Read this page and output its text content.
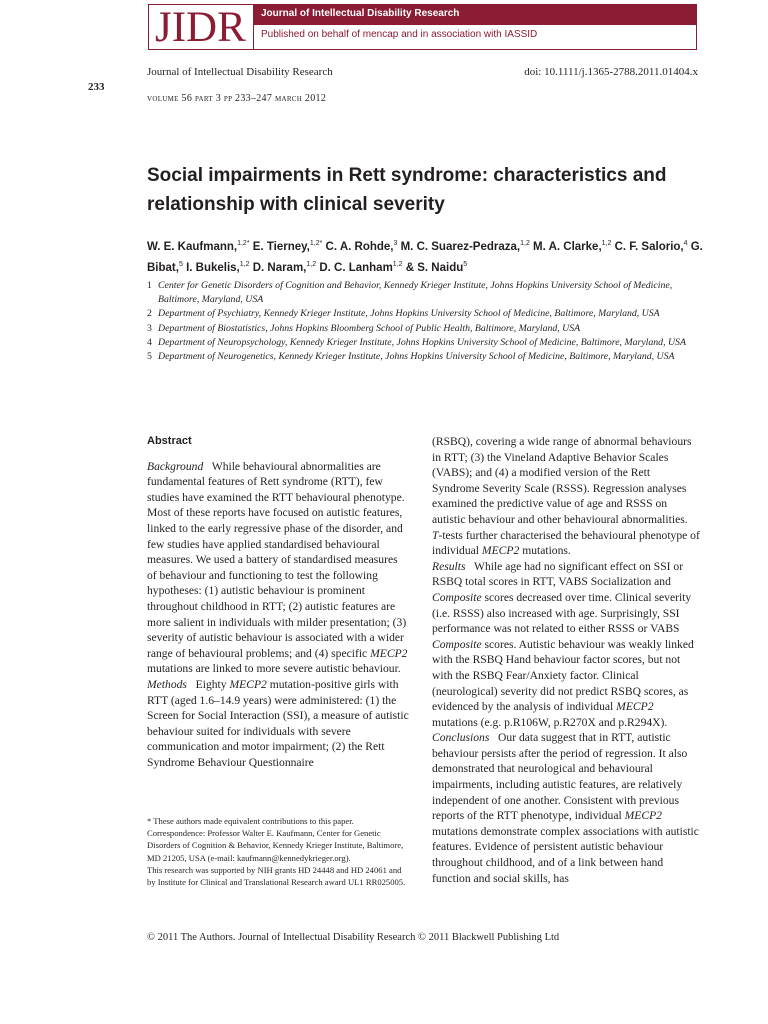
JIDR Journal of Intellectual Disability Research
Published on behalf of mencap and in association with IASSID
Journal of Intellectual Disability Research	doi: 10.1111/j.1365-2788.2011.01404.x
233
volume 56 part 3 pp 233–247 march 2012
Social impairments in Rett syndrome: characteristics and relationship with clinical severity
W. E. Kaufmann,$^{1,2*}$ E. Tierney,$^{1,2*}$ C. A. Rohde,$^3$ M. C. Suarez-Pedraza,$^{1,2}$ M. A. Clarke,$^{1,2}$ C. F. Salorio,$^4$ G. Bibat,$^5$ I. Bukelis,$^{1,2}$ D. Naram,$^{1,2}$ D. C. Lanham$^{1,2}$ & S. Naidu$^5$
1 Center for Genetic Disorders of Cognition and Behavior, Kennedy Krieger Institute, Johns Hopkins University School of Medicine, Baltimore, Maryland, USA
2 Department of Psychiatry, Kennedy Krieger Institute, Johns Hopkins University School of Medicine, Baltimore, Maryland, USA
3 Department of Biostatistics, Johns Hopkins Bloomberg School of Public Health, Baltimore, Maryland, USA
4 Department of Neuropsychology, Kennedy Krieger Institute, Johns Hopkins University School of Medicine, Baltimore, Maryland, USA
5 Department of Neurogenetics, Kennedy Krieger Institute, Johns Hopkins University School of Medicine, Baltimore, Maryland, USA
Abstract

Background While behavioural abnormalities are fundamental features of Rett syndrome (RTT), few studies have examined the RTT behavioural phenotype. Most of these reports have focused on autistic features, linked to the early regressive phase of the disorder, and few studies have applied standardised behavioural measures. We used a battery of standardised measures of behaviour and functioning to test the following hypotheses: (1) autistic behaviour is prominent throughout childhood in RTT; (2) autistic features are more salient in individuals with milder presentation; (3) severity of autistic behaviour is associated with a wider range of behavioural problems; and (4) specific MECP2 mutations are linked to more severe autistic behaviour.

Methods Eighty MECP2 mutation-positive girls with RTT (aged 1.6–14.9 years) were administered: (1) the Screen for Social Interaction (SSI), a measure of autistic behaviour suited for individuals with severe communication and motor impairment; (2) the Rett Syndrome Behaviour Questionnaire

(RSBQ), covering a wide range of abnormal behaviours in RTT; (3) the Vineland Adaptive Behavior Scales (VABS); and (4) a modified version of the Rett Syndrome Severity Scale (RSSS). Regression analyses examined the predictive value of age and RSSS on autistic behaviour and other behavioural abnormalities. T-tests further characterised the behavioural phenotype of individual MECP2 mutations.

Results While age had no significant effect on SSI or RSBQ total scores in RTT, VABS Socialization and Composite scores decreased over time. Clinical severity (i.e. RSSS) also increased with age. Surprisingly, SSI performance was not related to either RSSS or VABS Composite scores. Autistic behaviour was weakly linked with the RSBQ Hand behaviour factor scores, but not with the RSBQ Fear/Anxiety factor. Clinical (neurological) severity did not predict RSBQ scores, as evidenced by the analysis of individual MECP2 mutations (e.g. p.R106W, p.R270X and p.R294X).

Conclusions Our data suggest that in RTT, autistic behaviour persists after the period of regression. It also demonstrated that neurological and behavioural impairments, including autistic features, are relatively independent of one another. Consistent with previous reports of the RTT phenotype, individual MECP2 mutations demonstrate complex associations with autistic features. Evidence of persistent autistic behaviour throughout childhood, and of a link between hand function and social skills, has

* These authors made equivalent contributions to this paper.
Correspondence: Professor Walter E. Kaufmann, Center for Genetic Disorders of Cognition & Behavior, Kennedy Krieger Institute, Baltimore, MD 21205, USA (e-mail: kaufmann@kennedykrieger.org).
This research was supported by NIH grants HD 24448 and HD 24061 and by Institute for Clinical and Translational Research award UL1 RR025005.
© 2011 The Authors. Journal of Intellectual Disability Research © 2011 Blackwell Publishing Ltd
